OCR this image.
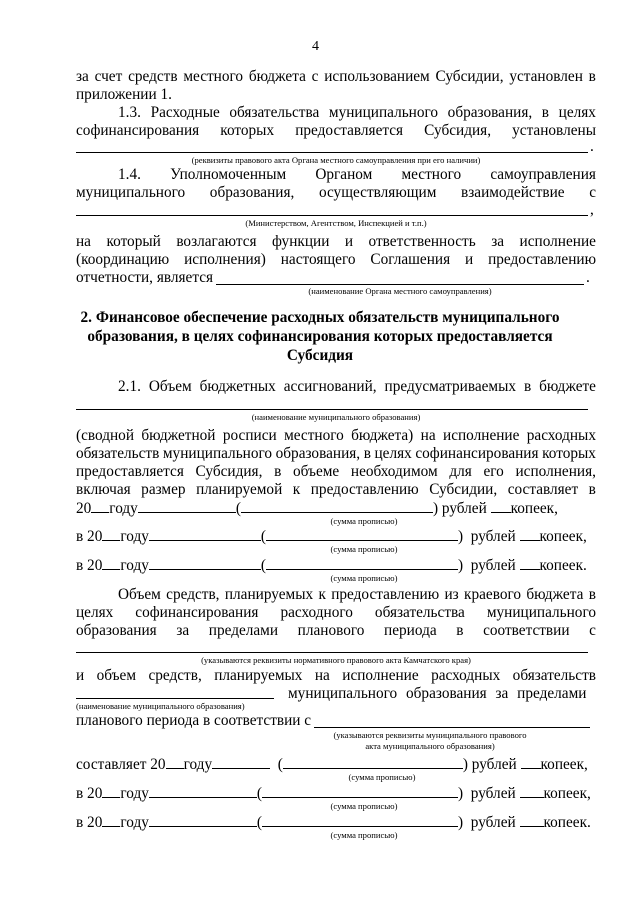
4
за счет средств местного бюджета с использованием Субсидии, установлен в
приложении 1.
1.3. Расходные обязательства муниципального образования, в целях
софинансирования которых предоставляется Субсидия, установлены
.
(реквизиты правового акта Органа местного самоуправления при его наличии)
1.4. Уполномоченным Органом местного самоуправления
муниципального образования, осуществляющим взаимодействие с
,
(Министерством, Агентством, Инспекцией и т.п.)
на который возлагаются функции и ответственность за исполнение
(координацию исполнения) настоящего Соглашения и предоставлению
отчетности, является	.
(наименование Органа местного самоуправления)
2. Финансовое обеспечение расходных обязательств муниципального образования, в целях софинансирования которых предоставляется Субсидия
2.1. Объем бюджетных ассигнований, предусматриваемых в бюджете
(наименование муниципального образования)
(сводной бюджетной росписи местного бюджета) на исполнение расходных
обязательств муниципального образования, в целях софинансирования которых
предоставляется Субсидия, в объеме необходимом для его исполнения,
включая размер планируемой к предоставлению Субсидии, составляет в
20 году	(	) рублей копеек,
(сумма прописью)
в 20 году	(	)  рублей копеек,
(сумма прописью)
в 20 году	(	)  рублей копеек.
(сумма прописью)
Объем средств, планируемых к предоставлению из краевого бюджета в
целях софинансирования расходного обязательства муниципального
образования за пределами планового периода в соответствии с
(указываются реквизиты нормативного правового акта Камчатского края)
и объем средств, планируемых на исполнение расходных обязательств
муниципального образования за пределами
(наименование муниципального образования)
планового периода в соответствии с
(указываются реквизиты муниципального правового
акта муниципального образования)
составляет 20 году	(	) рублей копеек,
(сумма прописью)
в 20 году	(	)  рублей копеек,
(сумма прописью)
в 20 году	(	)  рублей копеек.
(сумма прописью)
